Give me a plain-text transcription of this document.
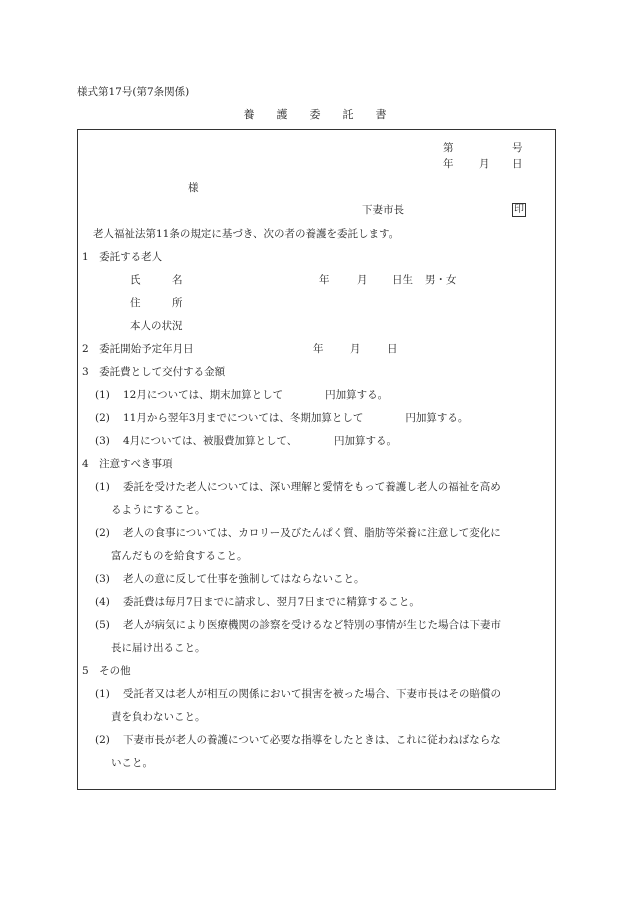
様式第17号(第7条関係)
養 護 委 託 書
第	号
年 月 日
様
下妻市長	印
老人福祉法第11条の規定に基づき、次の者の養護を委託します。
1　委託する老人
氏　　　名	年	月 日生 男・女
住　　　所
本人の状況
2　委託開始予定年月日	年	月	日
3　委託費として交付する金額
(1) 12月については、期末加算として　　　　円加算する。
(2) 11月から翌年3月までについては、冬期加算として　　　　円加算する。
(3) 4月については、被服費加算として、　　　　円加算する。
4　注意すべき事項
(1) 委託を受けた老人については、深い理解と愛情をもって養護し老人の福祉を高め
るようにすること。
(2) 老人の食事については、カロリー及びたんぱく質、脂肪等栄養に注意して変化に
富んだものを給食すること。
(3) 老人の意に反して仕事を強制してはならないこと。
(4) 委託費は毎月7日までに請求し、翌月7日までに精算すること。
(5) 老人が病気により医療機関の診察を受けるなど特別の事情が生じた場合は下妻市
長に届け出ること。
5　その他
(1) 受託者又は老人が相互の関係において損害を被った場合、下妻市長はその賠償の
責を負わないこと。
(2) 下妻市長が老人の養護について必要な指導をしたときは、これに従わねばならな
いこと。
